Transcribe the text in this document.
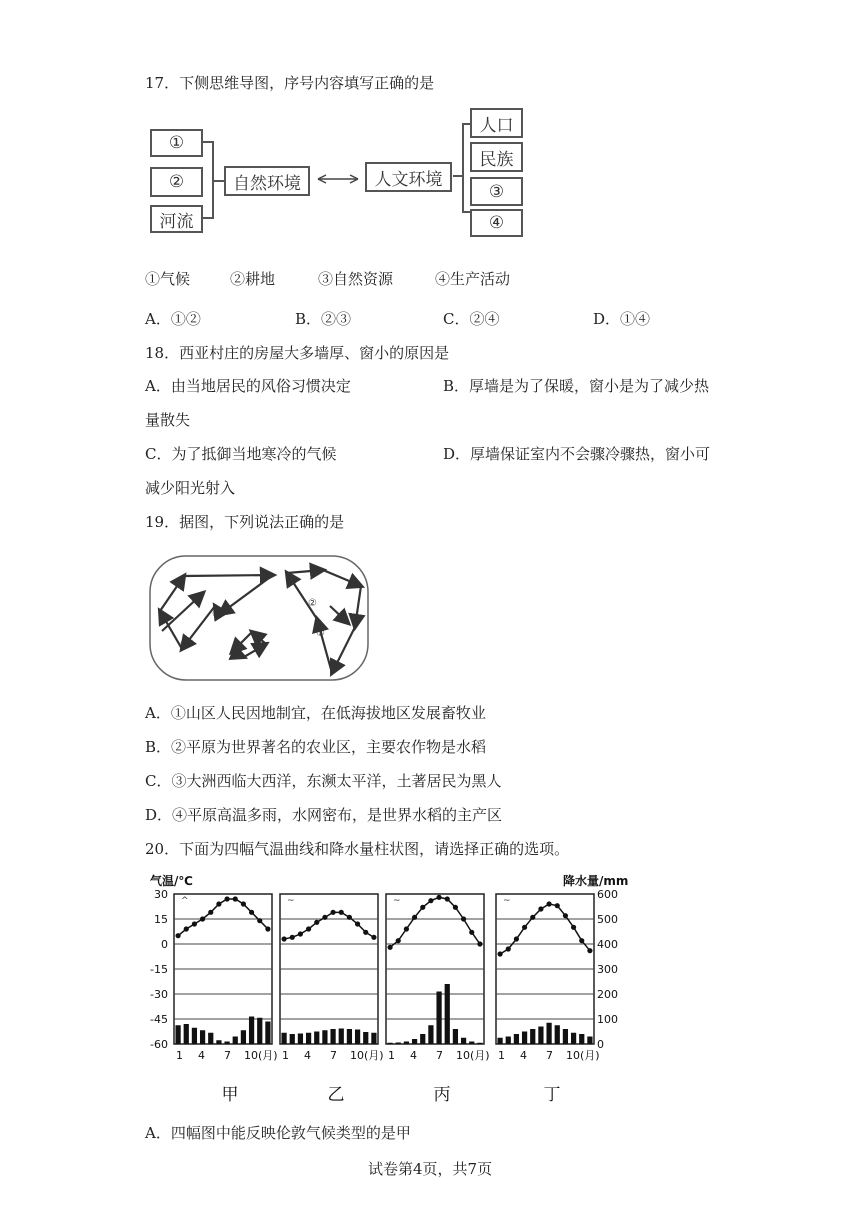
17．下侧思维导图，序号内容填写正确的是
①
②
河流
自然环境	人文环境
人口
民族
③
④
①气候	②耕地	③自然资源	④生产活动
A．①②	B．②③	C．②④	D．①④
18．西亚村庄的房屋大多墙厚、窗小的原因是
A．由当地居民的风俗习惯决定	B．厚墙是为了保暖，窗小是为了减少热
量散失
C．为了抵御当地寒冷的气候	D．厚墙保证室内不会骤冷骤热，窗小可
减少阳光射入
19．据图，下列说法正确的是
①
②
③
④
A．①山区人民因地制宜，在低海拔地区发展畜牧业
B．②平原为世界著名的农业区，主要农作物是水稻
C．③大洲西临大西洋，东濒太平洋，土著居民为黑人
D．④平原高温多雨，水网密布，是世界水稻的主产区
20．下面为四幅气温曲线和降水量柱状图，请选择正确的选项。
气温/℃	降水量/mm
30
15
0
-15
-30
-45
-60
600
500
400
300
200
100
0
^
1 4 7 10(月)
甲
~
1 4 7 10(月)
乙
~
1 4 7 10(月)
丙
~
1 4 7 10(月)
丁
A．四幅图中能反映伦敦气候类型的是甲
试卷第4页，共7页
